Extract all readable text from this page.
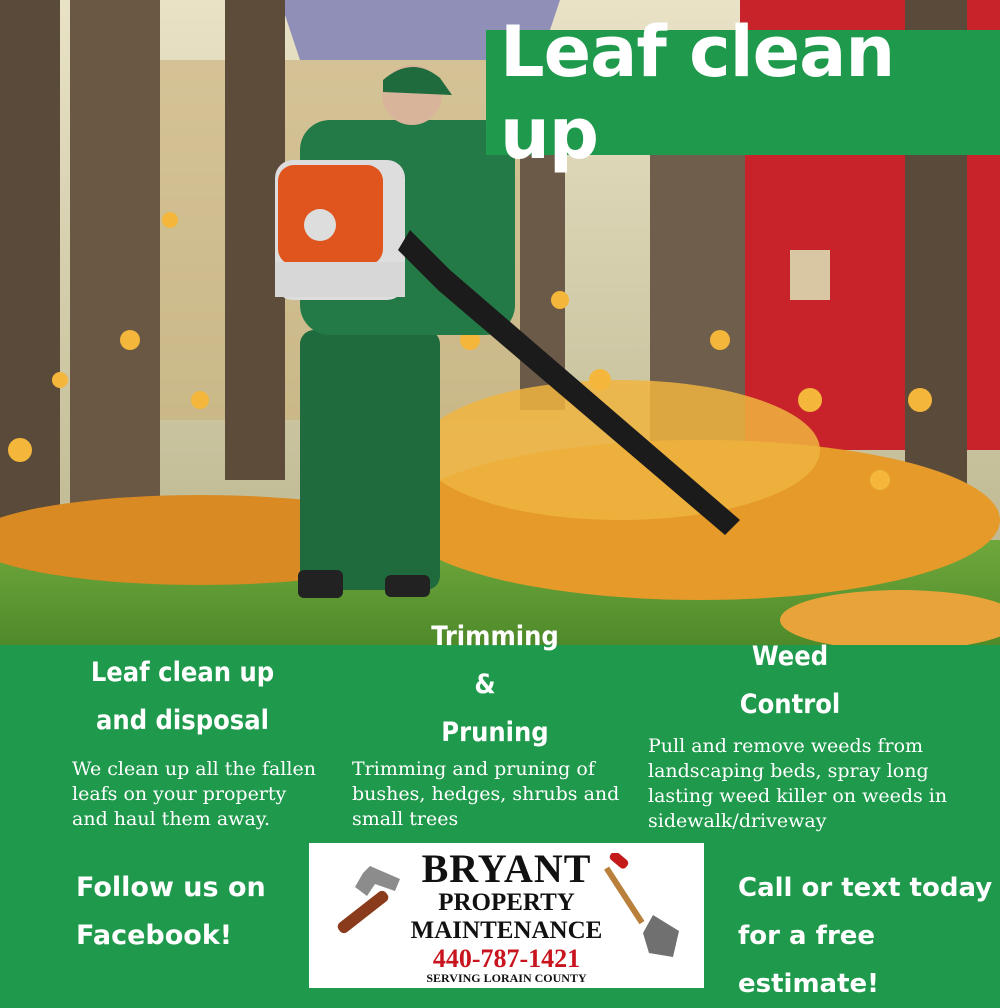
Leaf clean up
Leaf clean up
and disposal
We clean up all the fallen leafs on your property and haul them away.
Trimming
&
Pruning
Trimming and pruning of bushes, hedges, shrubs and small trees
Weed
Control
Pull and remove weeds from landscaping beds, spray long lasting weed killer on weeds in sidewalk/driveway
Follow us on
Facebook!
Call or text today
for a free estimate!
BRYANT
PROPERTY
MAINTENANCE
440-787-1421
SERVING LORAIN COUNTY
